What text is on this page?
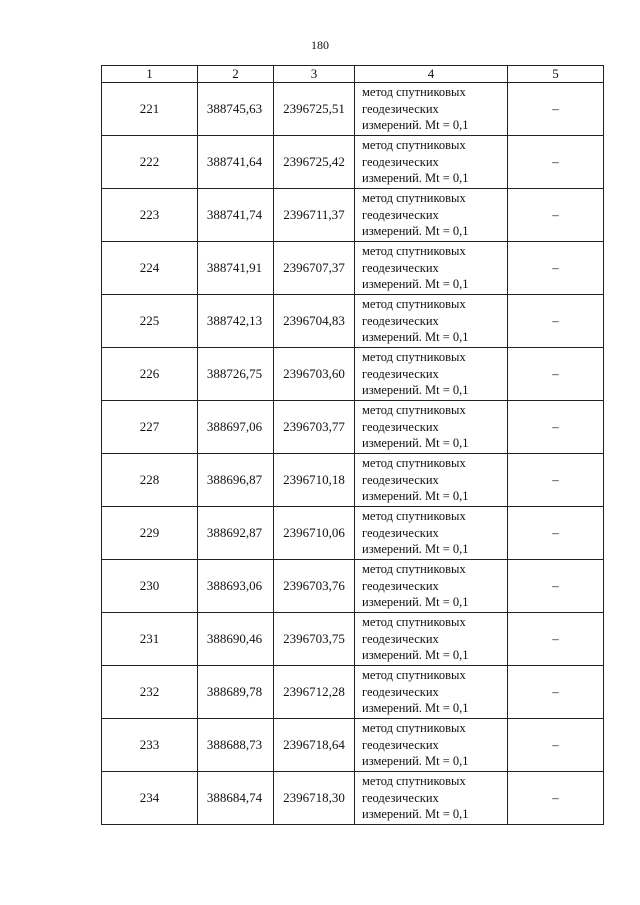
180
1	2	3	4	5
221	388745,63	2396725,51	метод спутниковых
геодезических
измерений. Mt = 0,1	–
222	388741,64	2396725,42	метод спутниковых
геодезических
измерений. Mt = 0,1	–
223	388741,74	2396711,37	метод спутниковых
геодезических
измерений. Mt = 0,1	–
224	388741,91	2396707,37	метод спутниковых
геодезических
измерений. Mt = 0,1	–
225	388742,13	2396704,83	метод спутниковых
геодезических
измерений. Mt = 0,1	–
226	388726,75	2396703,60	метод спутниковых
геодезических
измерений. Mt = 0,1	–
227	388697,06	2396703,77	метод спутниковых
геодезических
измерений. Mt = 0,1	–
228	388696,87	2396710,18	метод спутниковых
геодезических
измерений. Mt = 0,1	–
229	388692,87	2396710,06	метод спутниковых
геодезических
измерений. Mt = 0,1	–
230	388693,06	2396703,76	метод спутниковых
геодезических
измерений. Mt = 0,1	–
231	388690,46	2396703,75	метод спутниковых
геодезических
измерений. Mt = 0,1	–
232	388689,78	2396712,28	метод спутниковых
геодезических
измерений. Mt = 0,1	–
233	388688,73	2396718,64	метод спутниковых
геодезических
измерений. Mt = 0,1	–
234	388684,74	2396718,30	метод спутниковых
геодезических
измерений. Mt = 0,1	–
